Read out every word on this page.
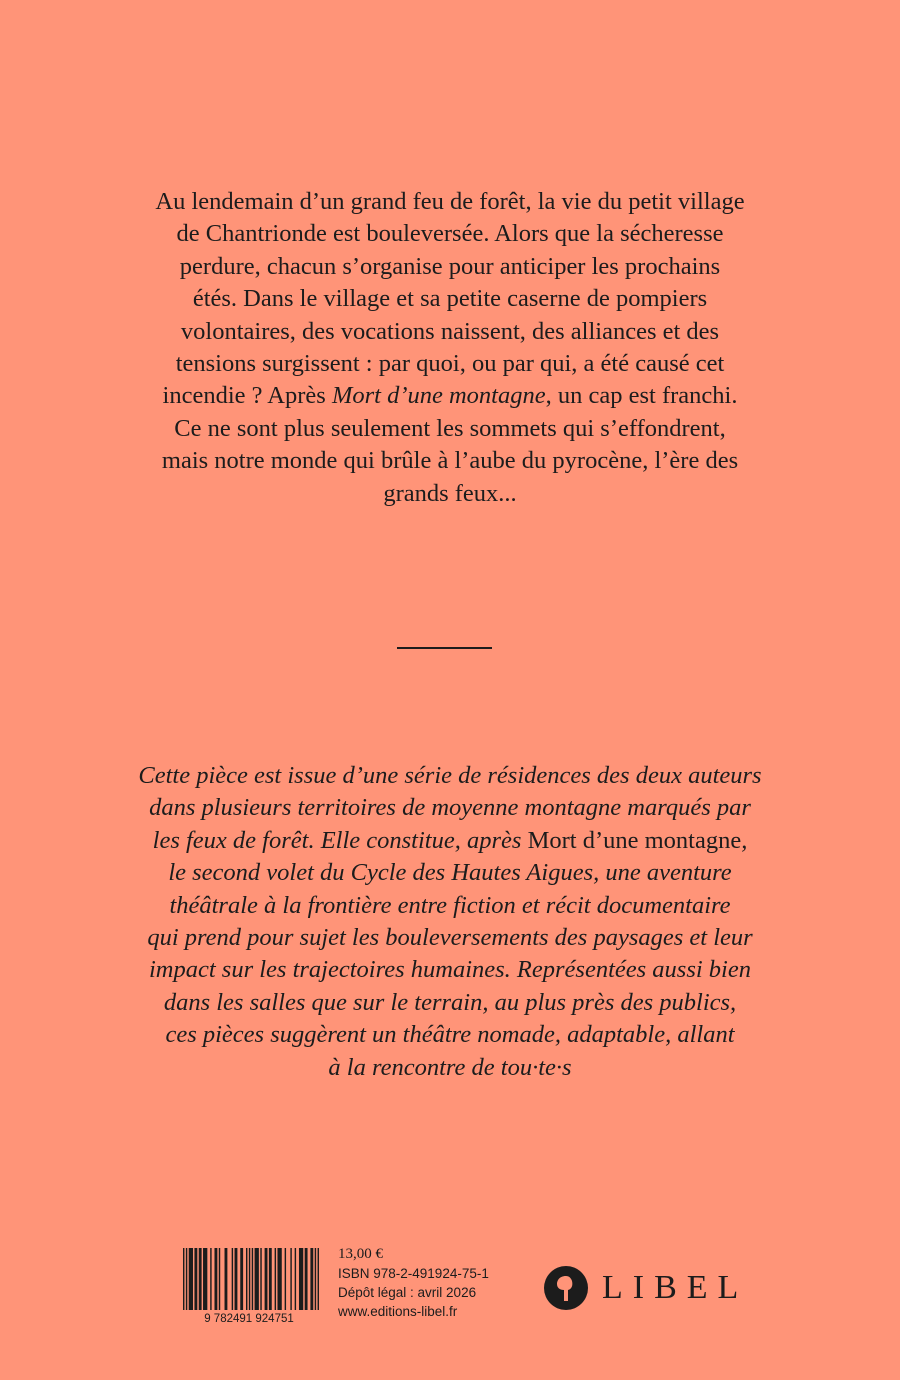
Au lendemain d’un grand feu de forêt, la vie du petit village

de Chantrionde est bouleversée. Alors que la sécheresse

perdure, chacun s’organise pour anticiper les prochains

étés. Dans le village et sa petite caserne de pompiers

volontaires, des vocations naissent, des alliances et des

tensions surgissent : par quoi, ou par qui, a été causé cet

incendie ? Après Mort d’une montagne, un cap est franchi.

Ce ne sont plus seulement les sommets qui s’effondrent,

mais notre monde qui brûle à l’aube du pyrocène, l’ère des

grands feux...

Cette pièce est issue d’une série de résidences des deux auteurs

dans plusieurs territoires de moyenne montagne marqués par

les feux de forêt. Elle constitue, après Mort d’une montagne,

le second volet du Cycle des Hautes Aigues, une aventure

théâtrale à la frontière entre fiction et récit documentaire

qui prend pour sujet les bouleversements des paysages et leur

impact sur les trajectoires humaines. Représentées aussi bien

dans les salles que sur le terrain, au plus près des publics,

ces pièces suggèrent un théâtre nomade, adaptable, allant

à la rencontre de tou·te·s

9 782491 924751
13,00 €
ISBN 978-2-491924-75-1
Dépôt légal : avril 2026
www.editions-libel.fr
LIBEL
